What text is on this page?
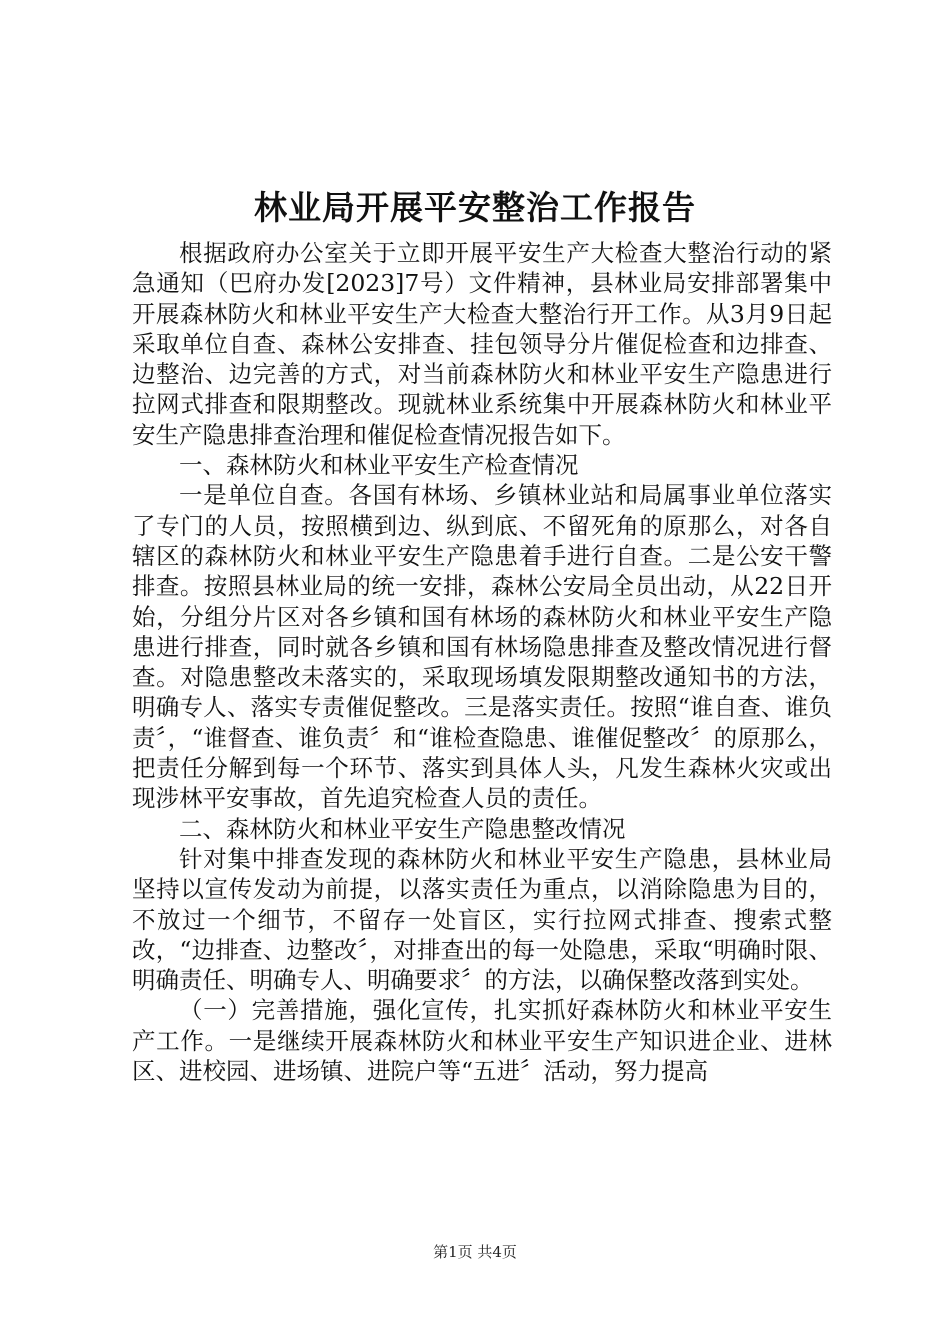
林业局开展平安整治工作报告

根据政府办公室关于立即开展平安生产大检查大整治行动的紧急通知（巴府办发[2023]7号）文件精神，县林业局安排部署集中开展森林防火和林业平安生产大检查大整治行开工作。从3月9日起采取单位自查、森林公安排查、挂包领导分片催促检查和边排查、边整治、边完善的方式，对当前森林防火和林业平安生产隐患进行拉网式排查和限期整改。现就林业系统集中开展森林防火和林业平安生产隐患排查治理和催促检查情况报告如下。

一、森林防火和林业平安生产检查情况

一是单位自查。各国有林场、乡镇林业站和局属事业单位落实了专门的人员，按照横到边、纵到底、不留死角的原那么，对各自辖区的森林防火和林业平安生产隐患着手进行自查。二是公安干警排查。按照县林业局的统一安排，森林公安局全员出动，从22日开始，分组分片区对各乡镇和国有林场的森林防火和林业平安生产隐患进行排查，同时就各乡镇和国有林场隐患排查及整改情况进行督查。对隐患整改未落实的，采取现场填发限期整改通知书的方法，明确专人、落实专责催促整改。三是落实责任。按照“谁自查、谁负责〞，“谁督查、谁负责〞和“谁检查隐患、谁催促整改〞的原那么，把责任分解到每一个环节、落实到具体人头，凡发生森林火灾或出现涉林平安事故，首先追究检查人员的责任。

二、森林防火和林业平安生产隐患整改情况

针对集中排查发现的森林防火和林业平安生产隐患，县林业局坚持以宣传发动为前提，以落实责任为重点，以消除隐患为目的，不放过一个细节，不留存一处盲区，实行拉网式排查、搜索式整改，“边排查、边整改〞，对排查出的每一处隐患，采取“明确时限、明确责任、明确专人、明确要求〞的方法，以确保整改落到实处。

（一）完善措施，强化宣传，扎实抓好森林防火和林业平安生产工作。一是继续开展森林防火和林业平安生产知识进企业、进林区、进校园、进场镇、进院户等“五进〞活动，努力提高

第1页 共4页
